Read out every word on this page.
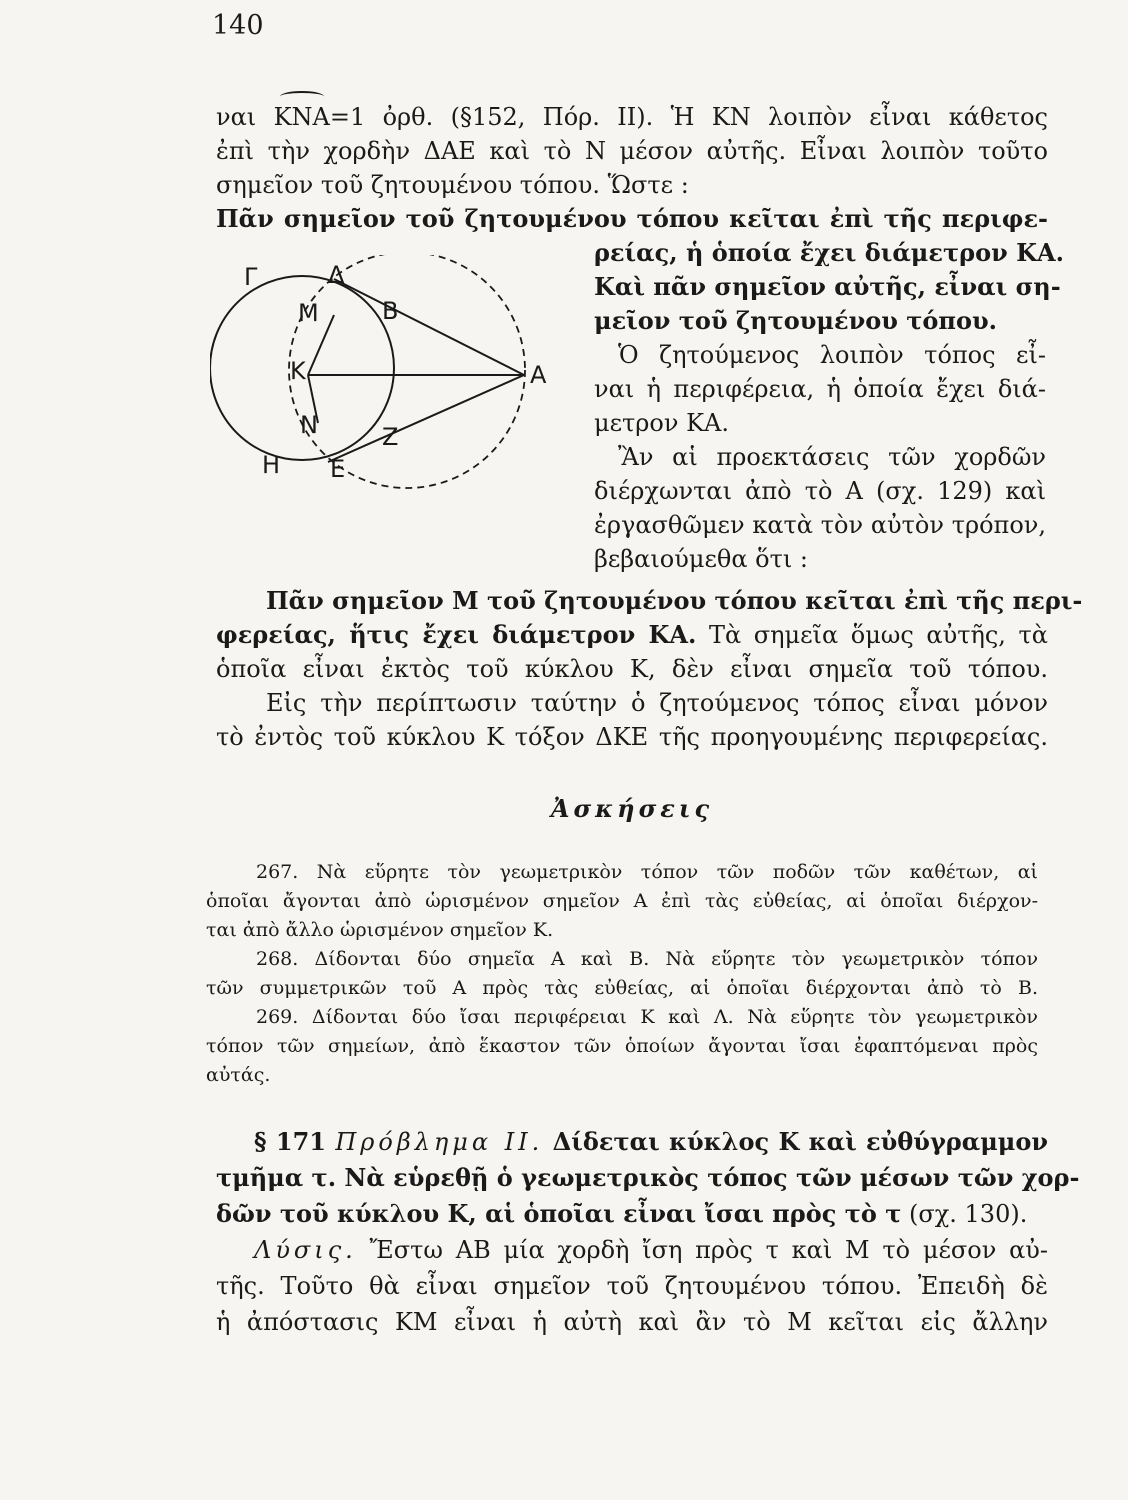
140
ναι ΚΝΑ=1 ὀρθ. (§152, Πόρ. ΙΙ). Ἡ ΚΝ λοιπὸν εἶναι κάθετος
ἐπὶ τὴν χορδὴν ΔΑΕ καὶ τὸ Ν μέσον αὐτῆς. Εἶναι λοιπὸν τοῦτο
σημεῖον τοῦ ζητουμένου τόπου. Ὥστε :
Πᾶν σημεῖον τοῦ ζητουμένου τόπου κεῖται ἐπὶ τῆς περιφε-
Γ	Δ
Μ	Β
Κ	Α
Ν	Ζ
Η Ε
ρείας, ἡ ὁποία ἔχει διάμετρον ΚΑ.
Καὶ πᾶν σημεῖον αὐτῆς, εἶναι ση-
μεῖον τοῦ ζητουμένου τόπου.
Ὁ ζητούμενος λοιπὸν τόπος εἶ-
ναι ἡ περιφέρεια, ἡ ὁποία ἔχει διά-
μετρον ΚΑ.
Ἂν αἱ προεκτάσεις τῶν χορδῶν
διέρχωνται ἀπὸ τὸ Α (σχ. 129) καὶ
ἐργασθῶμεν κατὰ τὸν αὐτὸν τρόπον,
βεβαιούμεθα ὅτι :
Πᾶν σημεῖον Μ τοῦ ζητουμένου τόπου κεῖται ἐπὶ τῆς περι-
φερείας, ἥτις ἔχει διάμετρον ΚΑ. Τὰ σημεῖα ὅμως αὐτῆς, τὰ
ὁποῖα εἶναι ἐκτὸς τοῦ κύκλου Κ, δὲν εἶναι σημεῖα τοῦ τόπου.
Εἰς τὴν περίπτωσιν ταύτην ὁ ζητούμενος τόπος εἶναι μόνον
τὸ ἐντὸς τοῦ κύκλου Κ τόξον ΔΚΕ τῆς προηγουμένης περιφερείας.
Ἀσκήσεις
267. Νὰ εὕρητε τὸν γεωμετρικὸν τόπον τῶν ποδῶν τῶν καθέτων, αἱ
ὁποῖαι ἄγονται ἀπὸ ὡρισμένον σημεῖον Α ἐπὶ τὰς εὐθείας, αἱ ὁποῖαι διέρχον-
ται ἀπὸ ἄλλο ὡρισμένον σημεῖον Κ.
268. Δίδονται δύο σημεῖα Α καὶ Β. Νὰ εὕρητε τὸν γεωμετρικὸν τόπον
τῶν συμμετρικῶν τοῦ Α πρὸς τὰς εὐθείας, αἱ ὁποῖαι διέρχονται ἀπὸ τὸ Β.
269. Δίδονται δύο ἴσαι περιφέρειαι Κ καὶ Λ. Νὰ εὕρητε τὸν γεωμετρικὸν
τόπον τῶν σημείων, ἀπὸ ἕκαστον τῶν ὁποίων ἄγονται ἴσαι ἐφαπτόμεναι πρὸς
αὐτάς.
§ 171 Πρόβλημα ΙΙ. Δίδεται κύκλος Κ καὶ εὐθύγραμμον
τμῆμα τ. Νὰ εὑρεθῇ ὁ γεωμετρικὸς τόπος τῶν μέσων τῶν χορ-
δῶν τοῦ κύκλου Κ, αἱ ὁποῖαι εἶναι ἴσαι πρὸς τὸ τ (σχ. 130).
Λύσις. Ἔστω ΑΒ μία χορδὴ ἴση πρὸς τ καὶ Μ τὸ μέσον αὐ-
τῆς. Τοῦτο θὰ εἶναι σημεῖον τοῦ ζητουμένου τόπου. Ἐπειδὴ δὲ
ἡ ἀπόστασις ΚΜ εἶναι ἡ αὐτὴ καὶ ἂν τὸ Μ κεῖται εἰς ἄλλην
